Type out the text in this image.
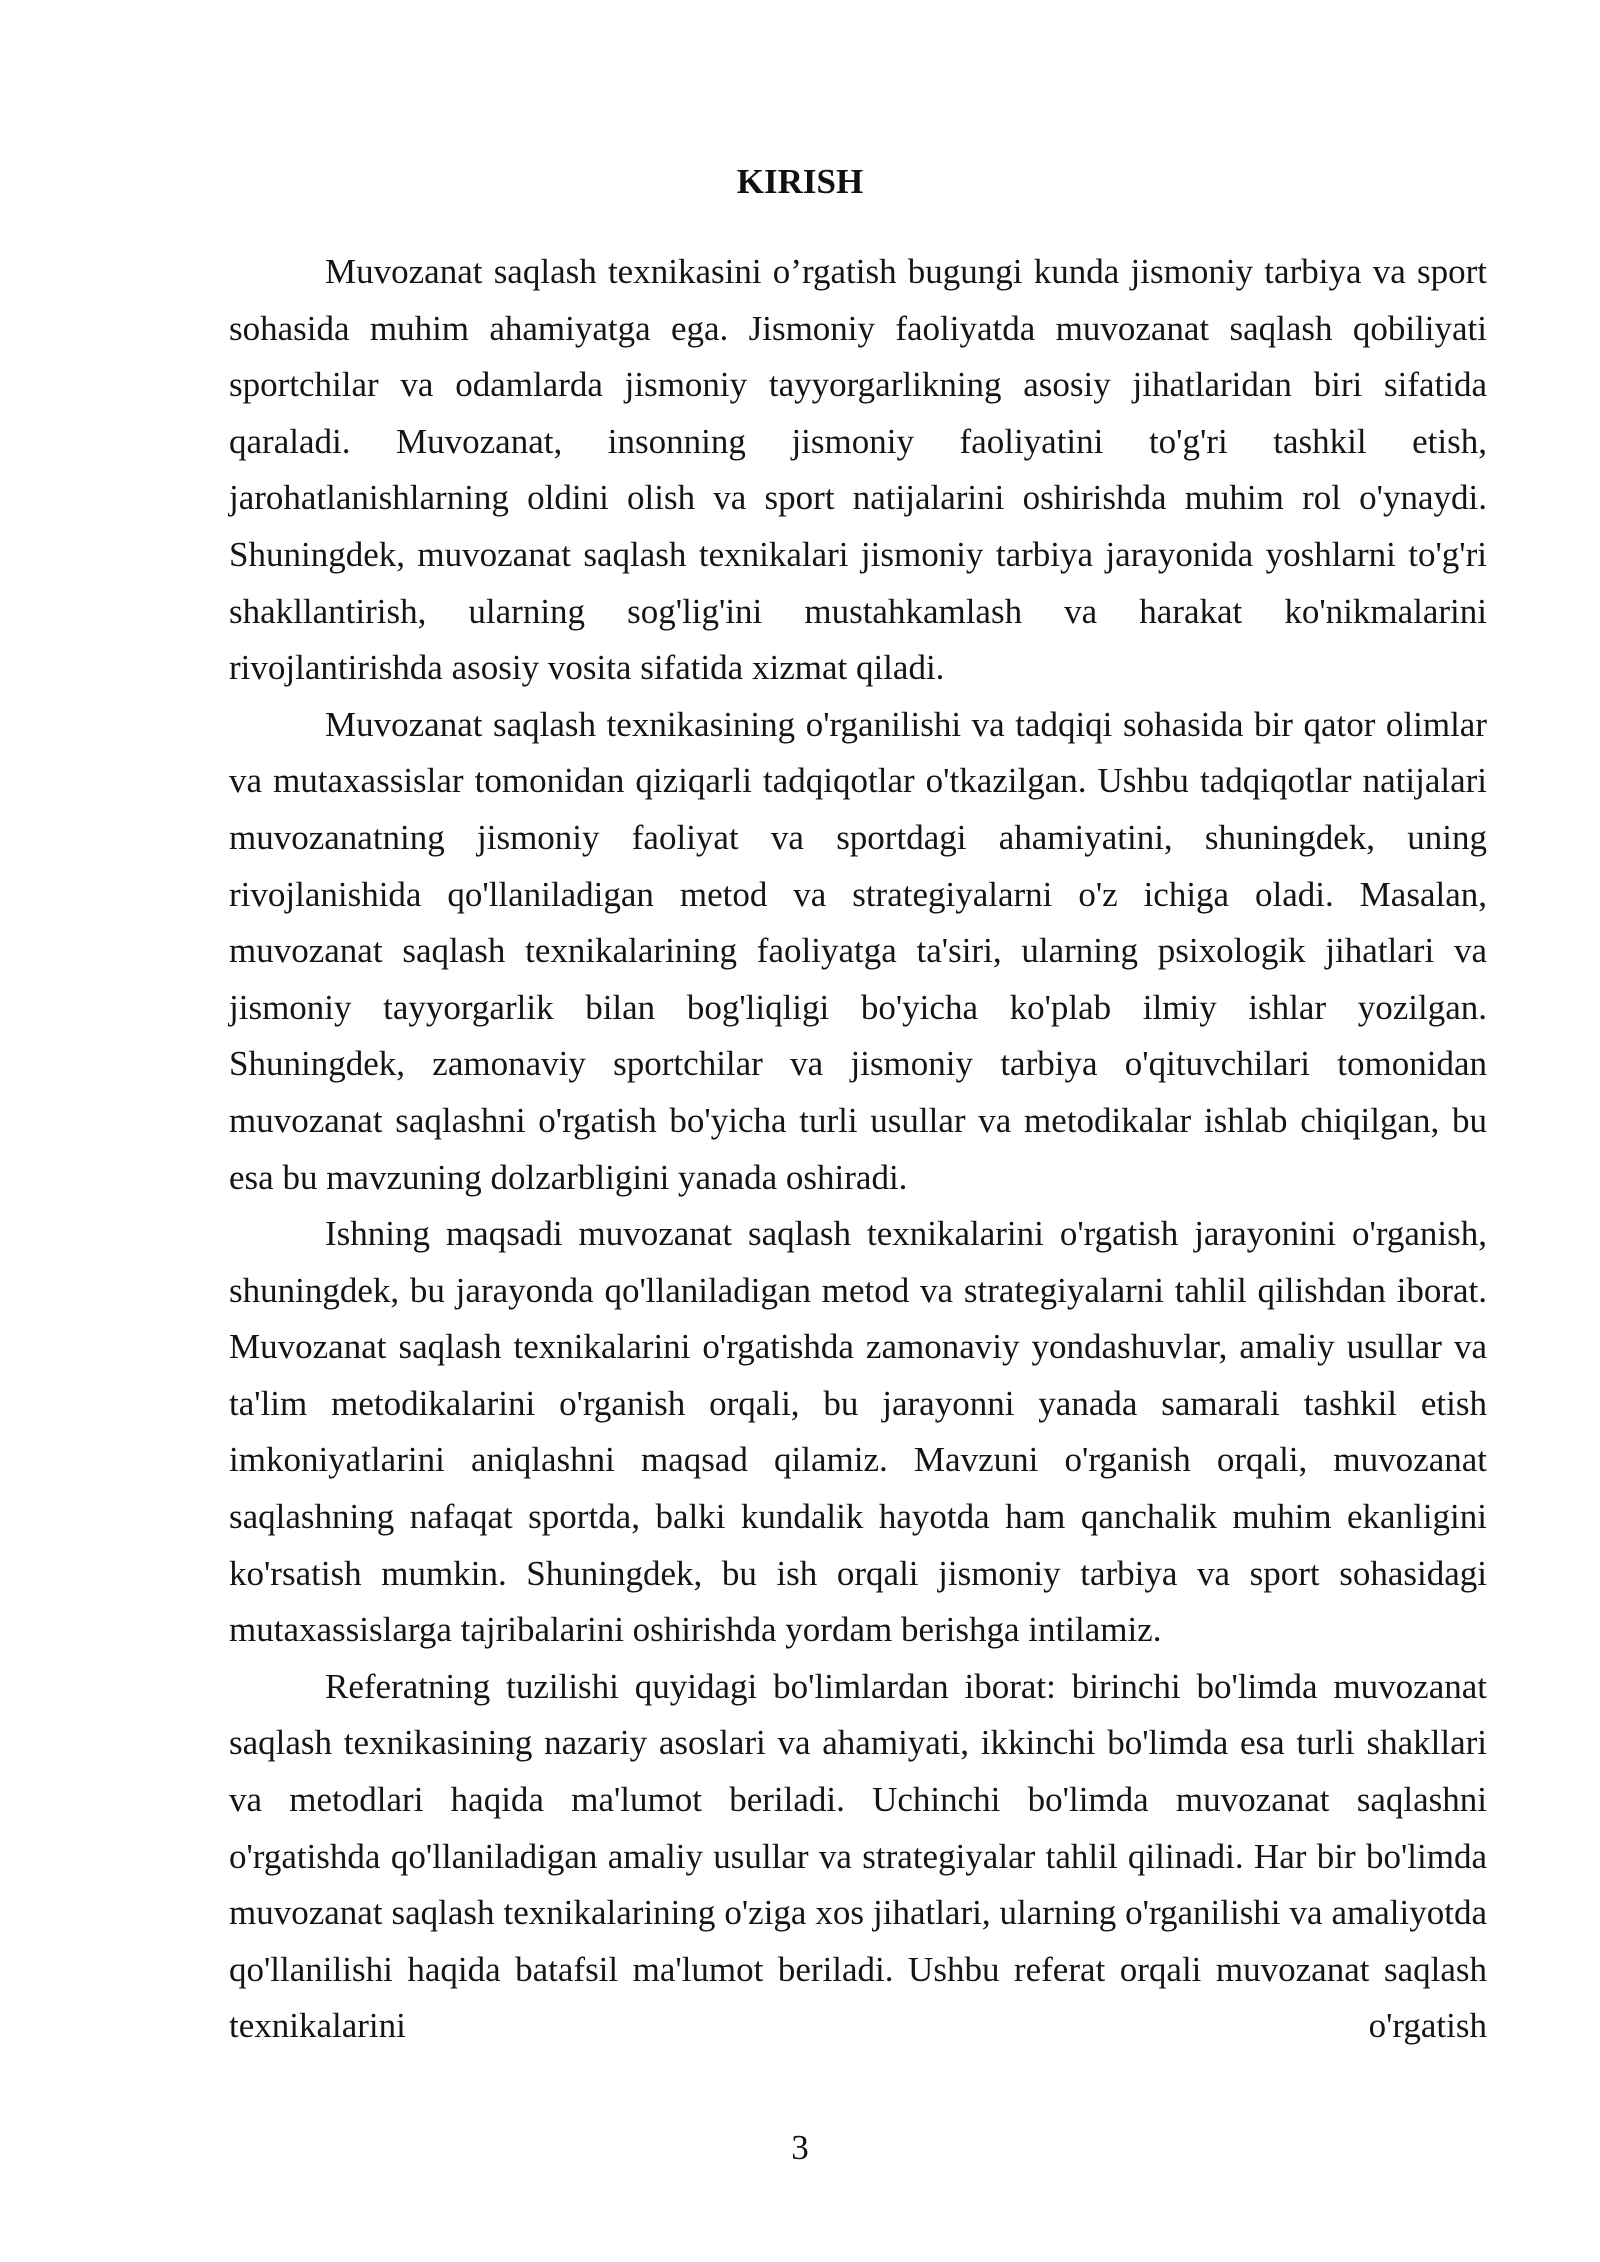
KIRISH

Muvozanat saqlash texnikasini o’rgatish bugungi kunda jismoniy tarbiya va sport sohasida muhim ahamiyatga ega. Jismoniy faoliyatda muvozanat saqlash qobiliyati sportchilar va odamlarda jismoniy tayyorgarlikning asosiy jihatlaridan biri sifatida qaraladi. Muvozanat, insonning jismoniy faoliyatini to'g'ri tashkil etish, jarohatlanishlarning oldini olish va sport natijalarini oshirishda muhim rol o'ynaydi. Shuningdek, muvozanat saqlash texnikalari jismoniy tarbiya jarayonida yoshlarni to'g'ri shakllantirish, ularning sog'lig'ini mustahkamlash va harakat ko'nikmalarini rivojlantirishda asosiy vosita sifatida xizmat qiladi.

Muvozanat saqlash texnikasining o'rganilishi va tadqiqi sohasida bir qator olimlar va mutaxassislar tomonidan qiziqarli tadqiqotlar o'tkazilgan. Ushbu tadqiqotlar natijalari muvozanatning jismoniy faoliyat va sportdagi ahamiyatini, shuningdek, uning rivojlanishida qo'llaniladigan metod va strategiyalarni o'z ichiga oladi. Masalan, muvozanat saqlash texnikalarining faoliyatga ta'siri, ularning psixologik jihatlari va jismoniy tayyorgarlik bilan bog'liqligi bo'yicha ko'plab ilmiy ishlar yozilgan. Shuningdek, zamonaviy sportchilar va jismoniy tarbiya o'qituvchilari tomonidan muvozanat saqlashni o'rgatish bo'yicha turli usullar va metodikalar ishlab chiqilgan, bu esa bu mavzuning dolzarbligini yanada oshiradi.

Ishning maqsadi muvozanat saqlash texnikalarini o'rgatish jarayonini o'rganish, shuningdek, bu jarayonda qo'llaniladigan metod va strategiyalarni tahlil qilishdan iborat. Muvozanat saqlash texnikalarini o'rgatishda zamonaviy yondashuvlar, amaliy usullar va ta'lim metodikalarini o'rganish orqali, bu jarayonni yanada samarali tashkil etish imkoniyatlarini aniqlashni maqsad qilamiz. Mavzuni o'rganish orqali, muvozanat saqlashning nafaqat sportda, balki kundalik hayotda ham qanchalik muhim ekanligini ko'rsatish mumkin. Shuningdek, bu ish orqali jismoniy tarbiya va sport sohasidagi mutaxassislarga tajribalarini oshirishda yordam berishga intilamiz.

Referatning tuzilishi quyidagi bo'limlardan iborat: birinchi bo'limda muvozanat saqlash texnikasining nazariy asoslari va ahamiyati, ikkinchi bo'limda esa turli shakllari va metodlari haqida ma'lumot beriladi. Uchinchi bo'limda muvozanat saqlashni o'rgatishda qo'llaniladigan amaliy usullar va strategiyalar tahlil qilinadi. Har bir bo'limda muvozanat saqlash texnikalarining o'ziga xos jihatlari, ularning o'rganilishi va amaliyotda qo'llanilishi haqida batafsil ma'lumot beriladi. Ushbu referat orqali muvozanat saqlash texnikalarini o'rgatish

3
